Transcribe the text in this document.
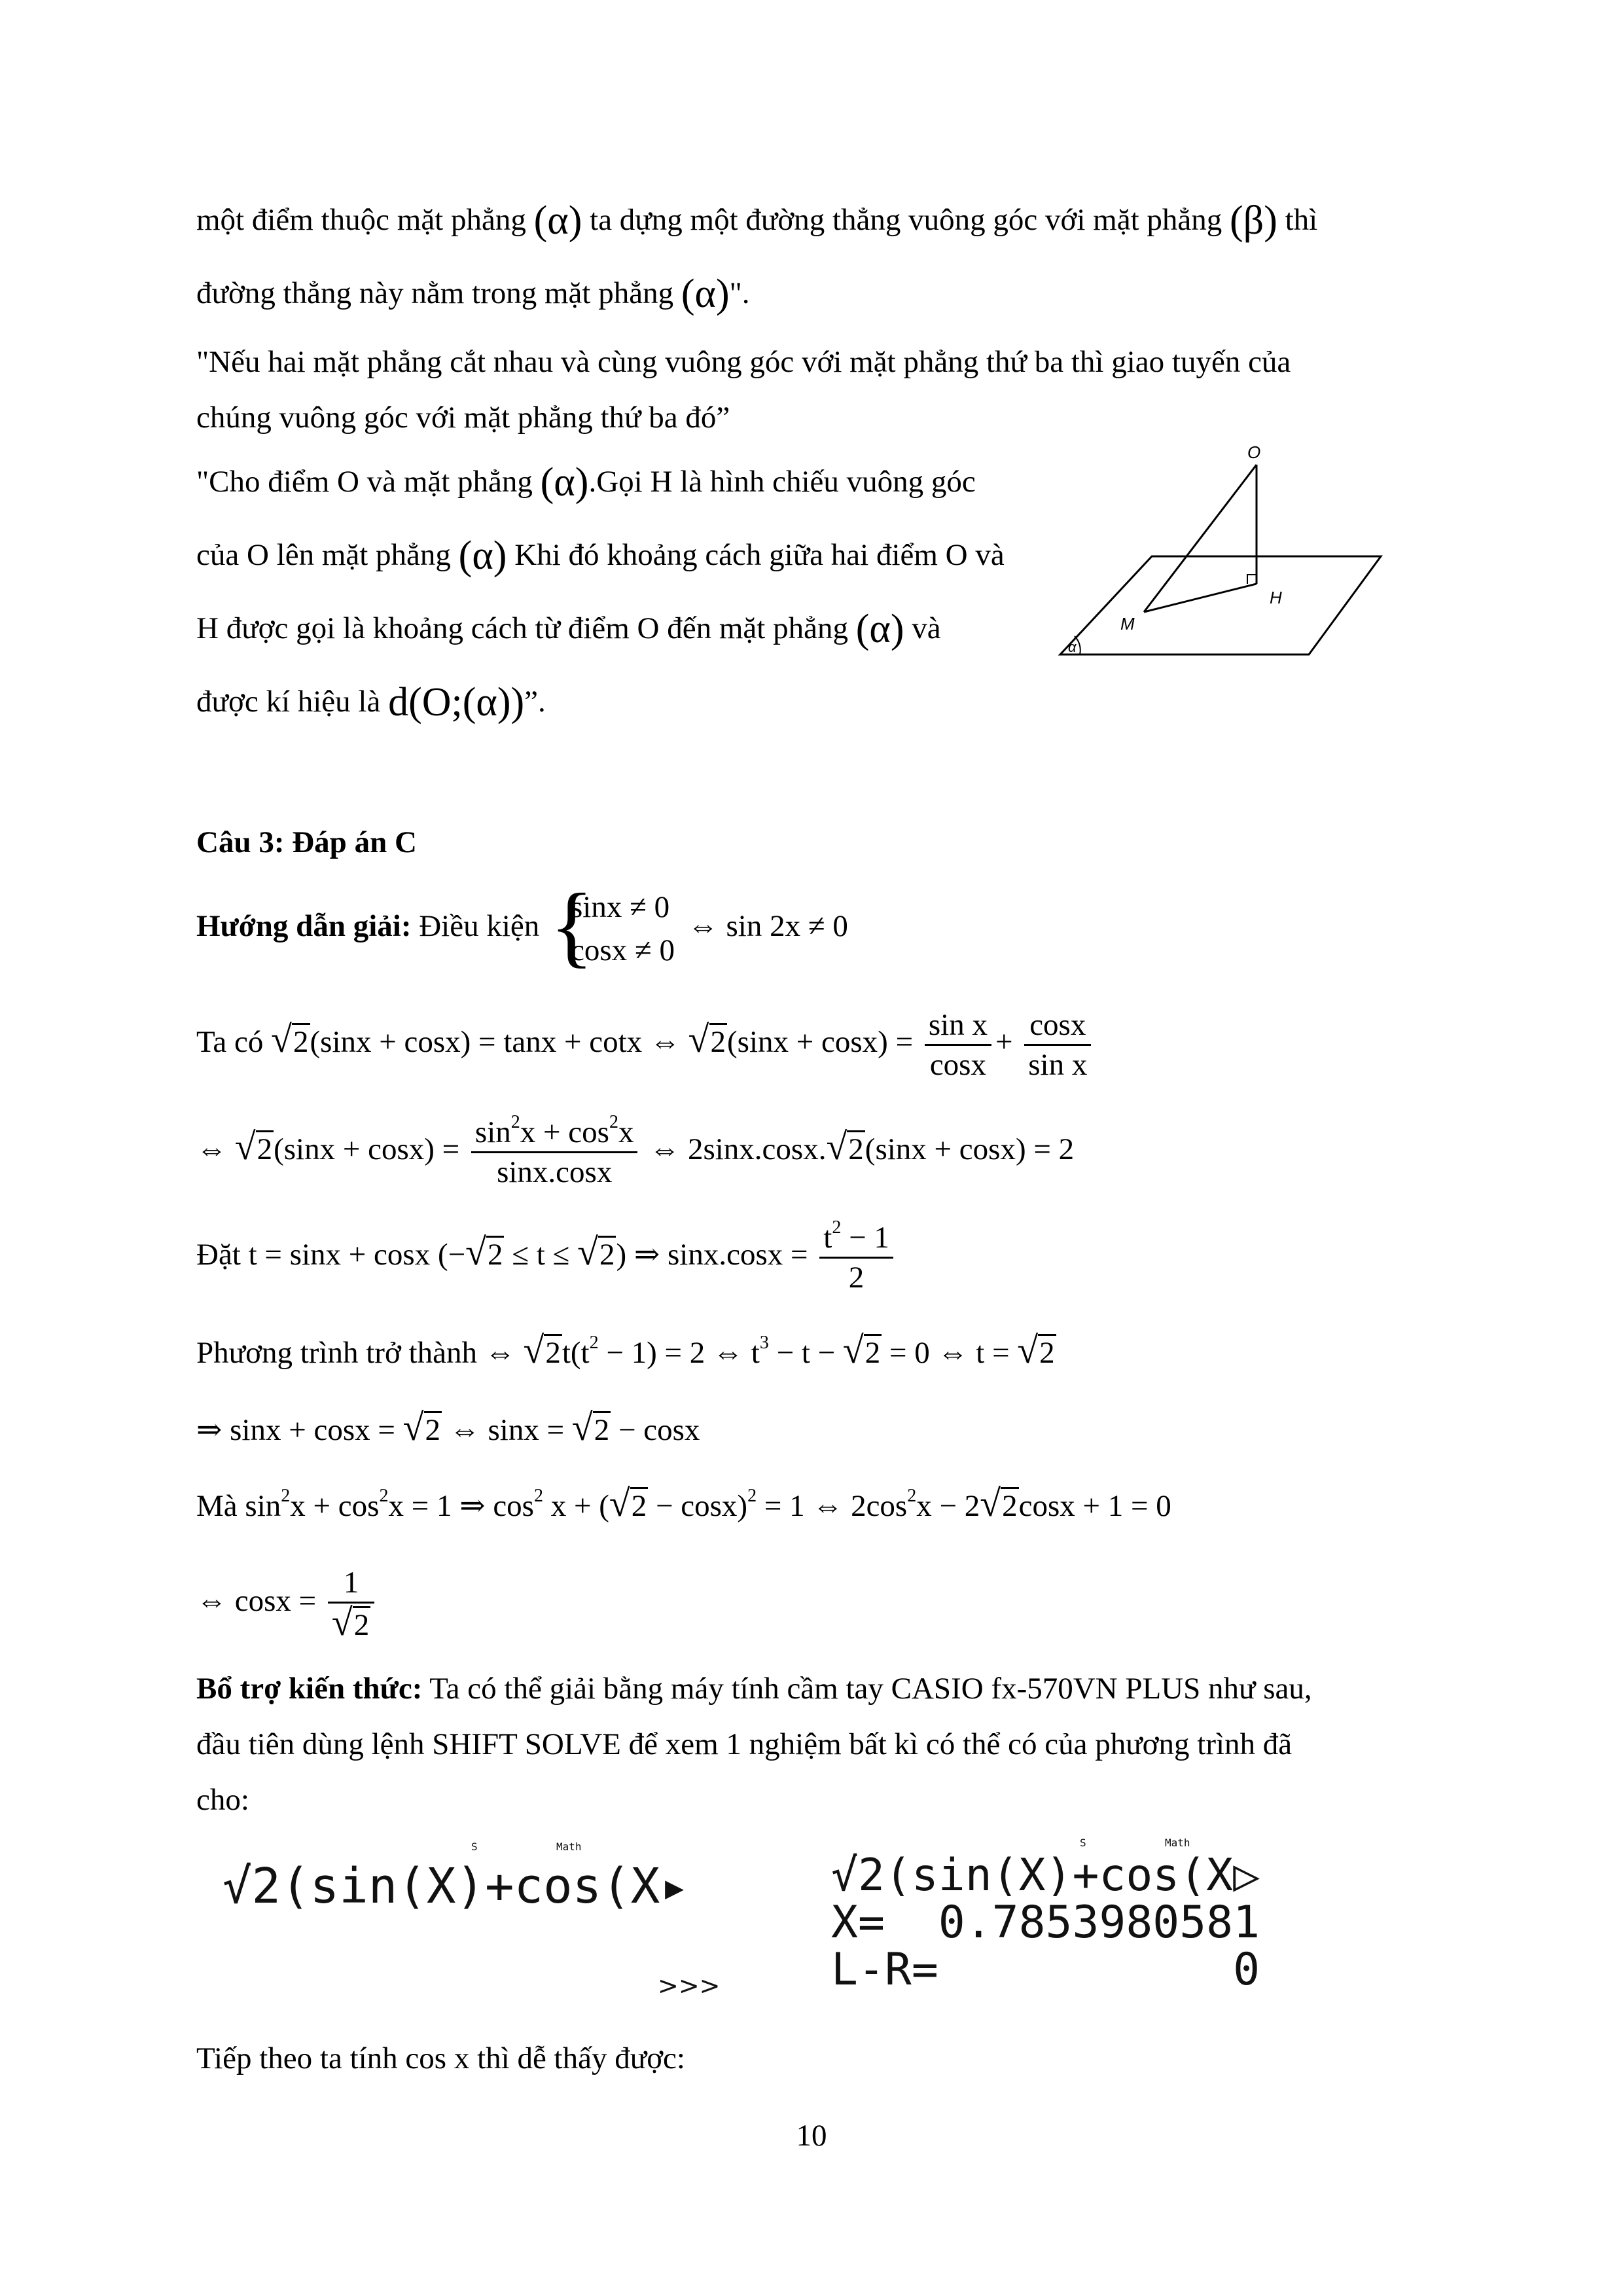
một điểm thuộc mặt phẳng (α) ta dựng một đường thẳng vuông góc với mặt phẳng (β) thì
đường thẳng này nằm trong mặt phẳng (α)".
"Nếu hai mặt phẳng cắt nhau và cùng vuông góc với mặt phẳng thứ ba thì giao tuyến của
chúng vuông góc với mặt phẳng thứ ba đó”
"Cho điểm O và mặt phẳng (α).Gọi H là hình chiếu vuông góc
của O lên mặt phẳng (α) Khi đó khoảng cách giữa hai điểm O và
H được gọi là khoảng cách từ điểm O đến mặt phẳng (α) và
được kí hiệu là d(O;(α))”.
O
H
M
α
Câu 3: Đáp án C
Hướng dẫn giải: Điều kiện {
sinx ≠ 0
cosx ≠ 0
⇔ sin 2x ≠ 0
Ta có √2(sinx + cosx) = tanx + cotx ⇔ $√2(\sin x + \cos x) = \frac{\text{sin x}}{\cos x} + \frac{\cos x}{\text{sin x}}$
⇔ $√2(\sin x + \cos x) = \frac{\sin^2x + \cos^2x}{\sin x.\cos x}$ ⇔ 2sinx.cosx.√2(sinx + cosx) = 2
Đặt t = sinx + cosx (−√2 ≤ t ≤ √2) ⇒ $\sin x.\cos x = \frac{t^2 - 1}{2}$
Phương trình trở thành ⇔ $√2t(t^2 - 1) = 2$ ⇔ $t^3 - t - √2 = 0$ ⇔ t = √2
⇒ sinx + cosx = √2 ⇔ sinx = √2 − cosx
Mà $\sin^2x + \cos^2x = 1$ ⇒ $\cos^2 x + (√2 - \cos x)^2 = 1$ ⇔ $2\cos^2x - 2√2\cos x + 1 = 0$
⇔ $\cos x = \frac{1}{√2}$
Bổ trợ kiến thức: Ta có thể giải bằng máy tính cầm tay CASIO fx-570VN PLUS như sau,
đầu tiên dùng lệnh SHIFT SOLVE để xem 1 nghiệm bất kì có thể có của phương trình đã
cho:
S	Math
√2(sin(X)+cos(X▸
>>>
S	Math
√2(sin(X)+cos(X▷
X=  0.7853980581
L-R=           0
Tiếp theo ta tính cos x thì dễ thấy được:
10
